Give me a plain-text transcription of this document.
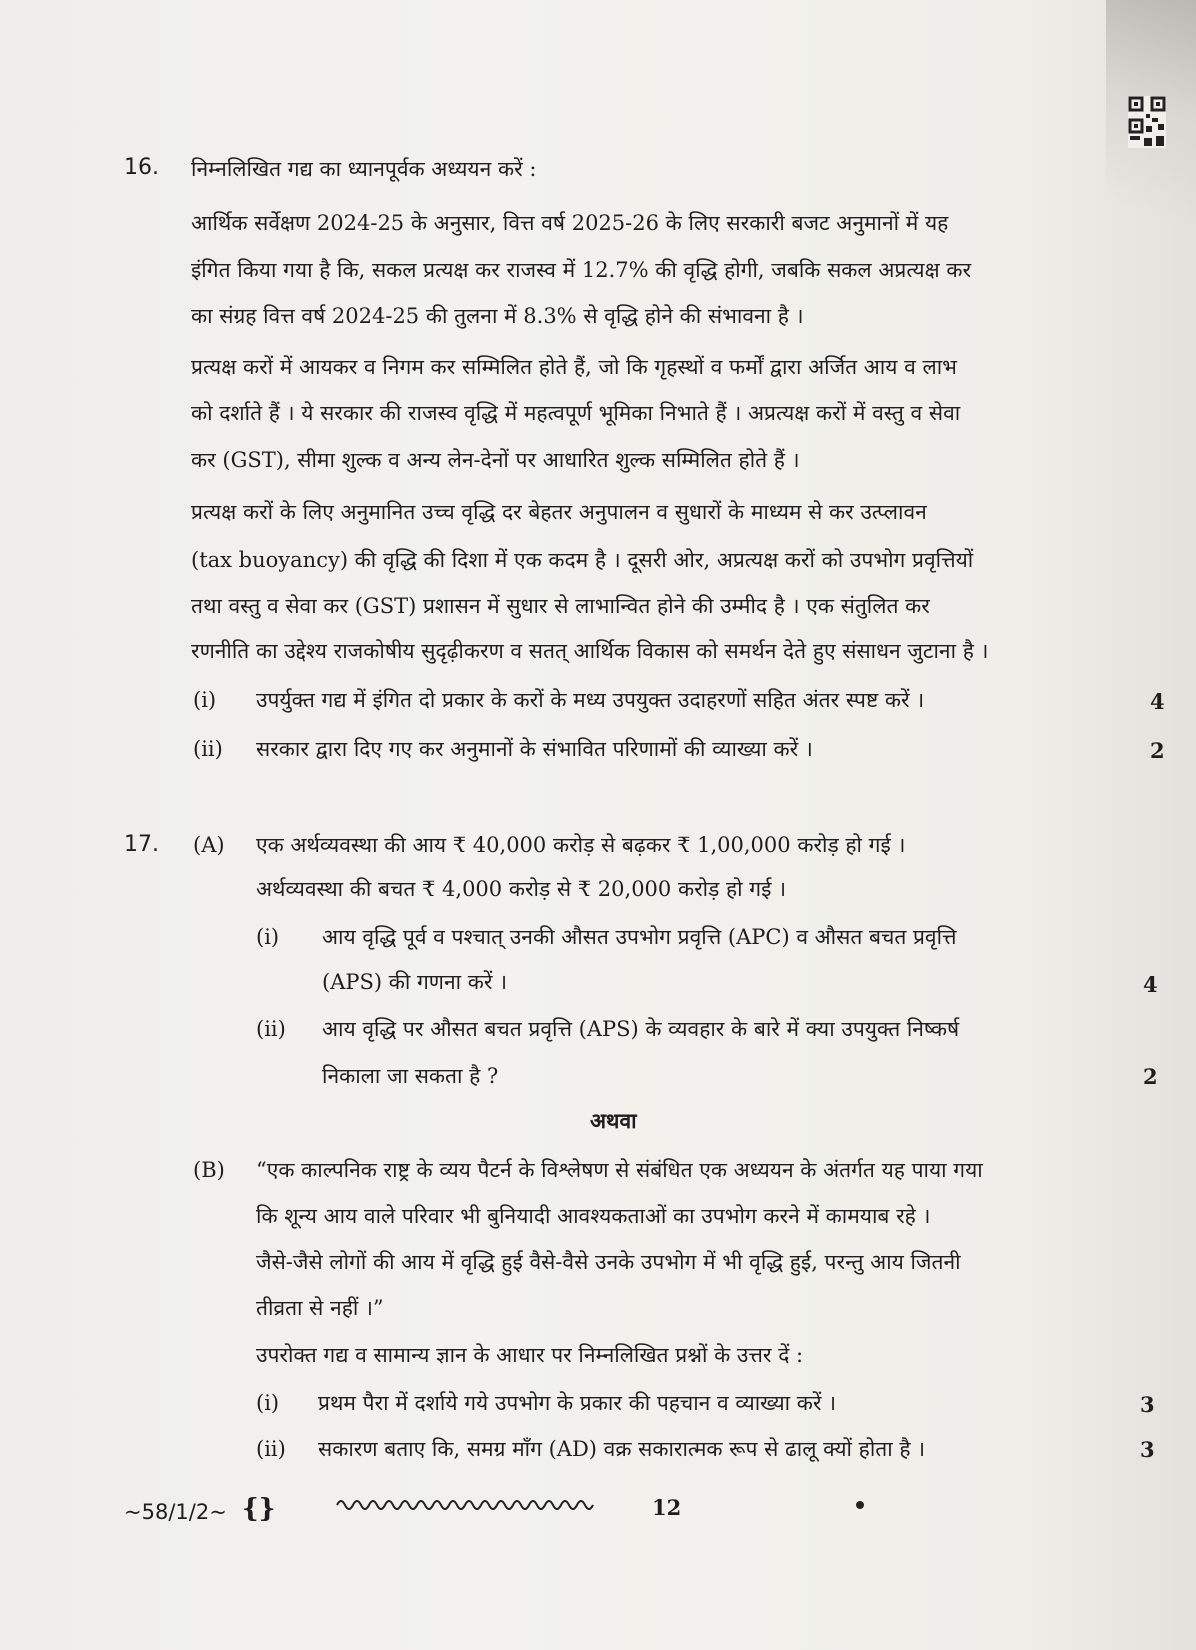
16. निम्नलिखित गद्य का ध्यानपूर्वक अध्ययन करें :
आर्थिक सर्वेक्षण 2024-25 के अनुसार, वित्त वर्ष 2025-26 के लिए सरकारी बजट अनुमानों में यह
इंगित किया गया है कि, सकल प्रत्यक्ष कर राजस्व में 12.7% की वृद्धि होगी, जबकि सकल अप्रत्यक्ष कर
का संग्रह वित्त वर्ष 2024-25 की तुलना में 8.3% से वृद्धि होने की संभावना है ।
प्रत्यक्ष करों में आयकर व निगम कर सम्मिलित होते हैं, जो कि गृहस्थों व फर्मों द्वारा अर्जित आय व लाभ
को दर्शाते हैं । ये सरकार की राजस्व वृद्धि में महत्वपूर्ण भूमिका निभाते हैं । अप्रत्यक्ष करों में वस्तु व सेवा
कर (GST), सीमा शुल्क व अन्य लेन-देनों पर आधारित शुल्क सम्मिलित होते हैं ।
प्रत्यक्ष करों के लिए अनुमानित उच्च वृद्धि दर बेहतर अनुपालन व सुधारों के माध्यम से कर उत्प्लावन
(tax buoyancy) की वृद्धि की दिशा में एक कदम है । दूसरी ओर, अप्रत्यक्ष करों को उपभोग प्रवृत्तियों
तथा वस्तु व सेवा कर (GST) प्रशासन में सुधार से लाभान्वित होने की उम्मीद है । एक संतुलित कर
रणनीति का उद्देश्य राजकोषीय सुदृढ़ीकरण व सतत् आर्थिक विकास को समर्थन देते हुए संसाधन जुटाना है ।
(i) उपर्युक्त गद्य में इंगित दो प्रकार के करों के मध्य उपयुक्त उदाहरणों सहित अंतर स्पष्ट करें ।	4
(ii) सरकार द्वारा दिए गए कर अनुमानों के संभावित परिणामों की व्याख्या करें ।	2
17. (A) एक अर्थव्यवस्था की आय ₹ 40,000 करोड़ से बढ़कर ₹ 1,00,000 करोड़ हो गई ।
अर्थव्यवस्था की बचत ₹ 4,000 करोड़ से ₹ 20,000 करोड़ हो गई ।
(i) आय वृद्धि पूर्व व पश्चात् उनकी औसत उपभोग प्रवृत्ति (APC) व औसत बचत प्रवृत्ति
(APS) की गणना करें ।	4
(ii) आय वृद्धि पर औसत बचत प्रवृत्ति (APS) के व्यवहार के बारे में क्या उपयुक्त निष्कर्ष
निकाला जा सकता है ?	2
अथवा
(B) “एक काल्पनिक राष्ट्र के व्यय पैटर्न के विश्लेषण से संबंधित एक अध्ययन के अंतर्गत यह पाया गया
कि शून्य आय वाले परिवार भी बुनियादी आवश्यकताओं का उपभोग करने में कामयाब रहे ।
जैसे-जैसे लोगों की आय में वृद्धि हुई वैसे-वैसे उनके उपभोग में भी वृद्धि हुई, परन्तु आय जितनी
तीव्रता से नहीं ।”
उपरोक्त गद्य व सामान्य ज्ञान के आधार पर निम्नलिखित प्रश्नों के उत्तर दें :
(i) प्रथम पैरा में दर्शाये गये उपभोग के प्रकार की पहचान व व्याख्या करें ।	3
(ii) सकारण बताए कि, समग्र माँग (AD) वक्र सकारात्मक रूप से ढालू क्यों होता है ।	3
~58/1/2~ {}	12
